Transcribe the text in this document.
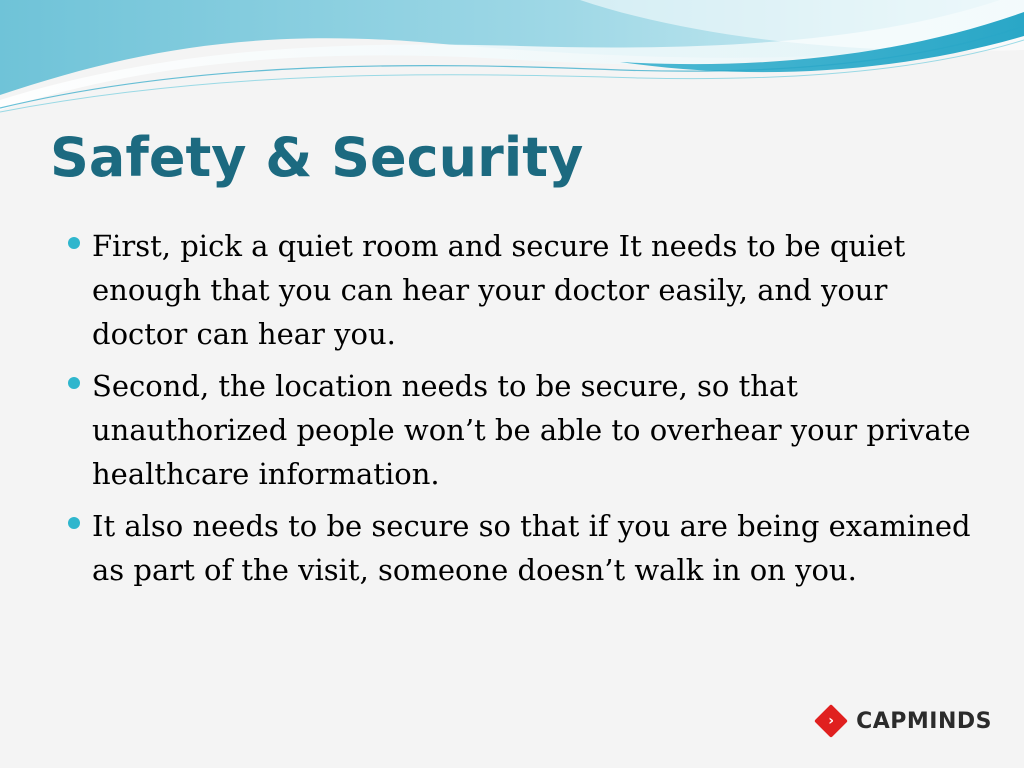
Safety & Security
First, pick a quiet room and secure It needs to be quiet enough that you can hear your doctor easily, and your doctor can hear you.
Second, the location needs to be secure, so that unauthorized people won’t be able to overhear your private healthcare information.
It also needs to be secure so that if you are being examined as part of the visit, someone doesn’t walk in on you.
›	CAPMINDS
